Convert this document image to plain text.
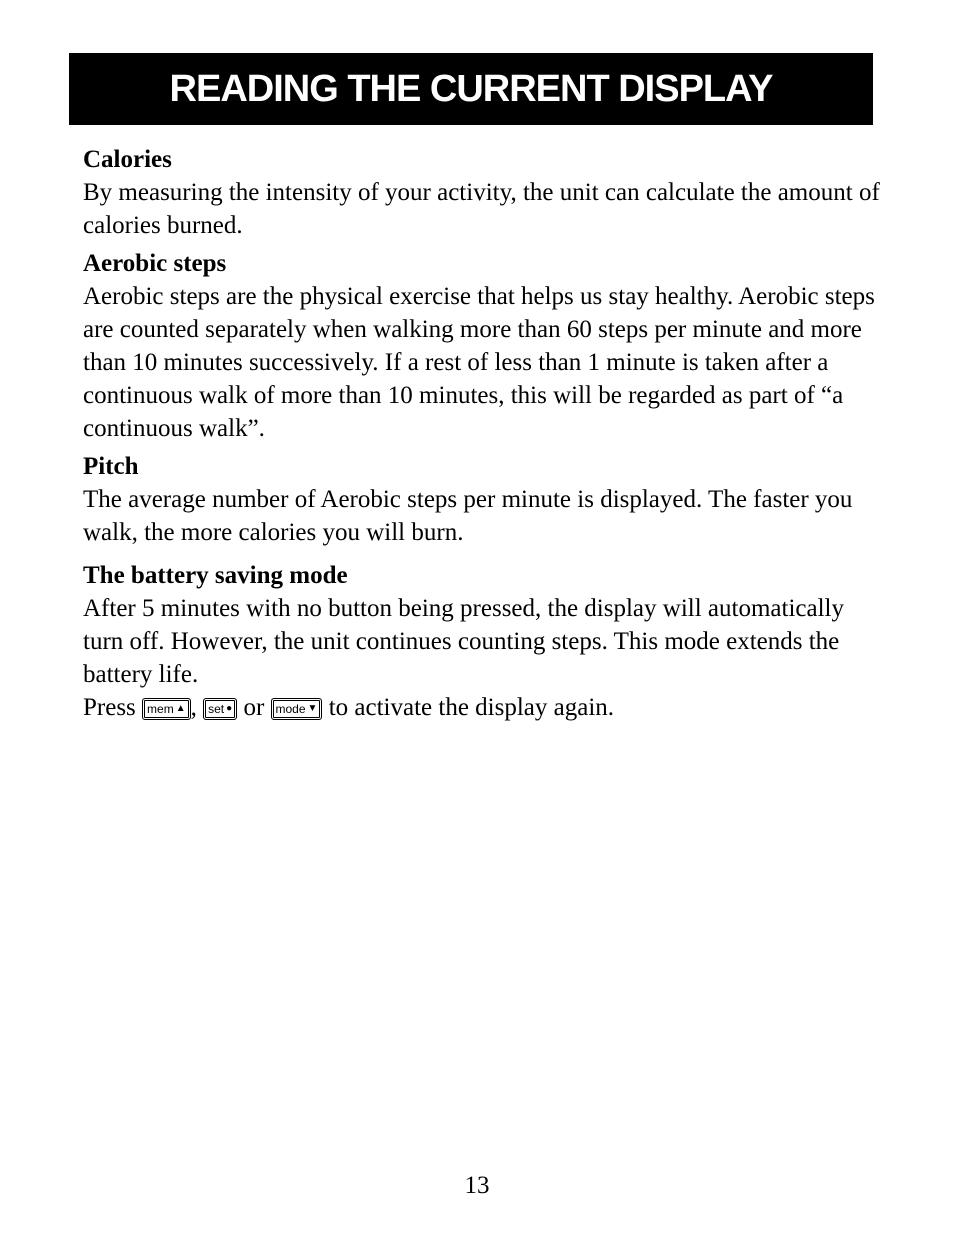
READING THE CURRENT DISPLAY
Calories

By measuring the intensity of your activity, the unit can calculate the amount of calories burned.

Aerobic steps

Aerobic steps are the physical exercise that helps us stay healthy. Aerobic steps are counted separately when walking more than 60 steps per minute and more than 10 minutes successively. If a rest of less than 1 minute is taken after a continuous walk of more than 10 minutes, this will be regarded as part of “a continuous walk”.

Pitch

The average number of Aerobic steps per minute is displayed. The faster you walk, the more calories you will burn.

The battery saving mode

After 5 minutes with no button being pressed, the display will automatically turn off. However, the unit continues counting steps. This mode extends the battery life.

Press mem ▲ , set ● or mode ▼ to activate the display again.

13
